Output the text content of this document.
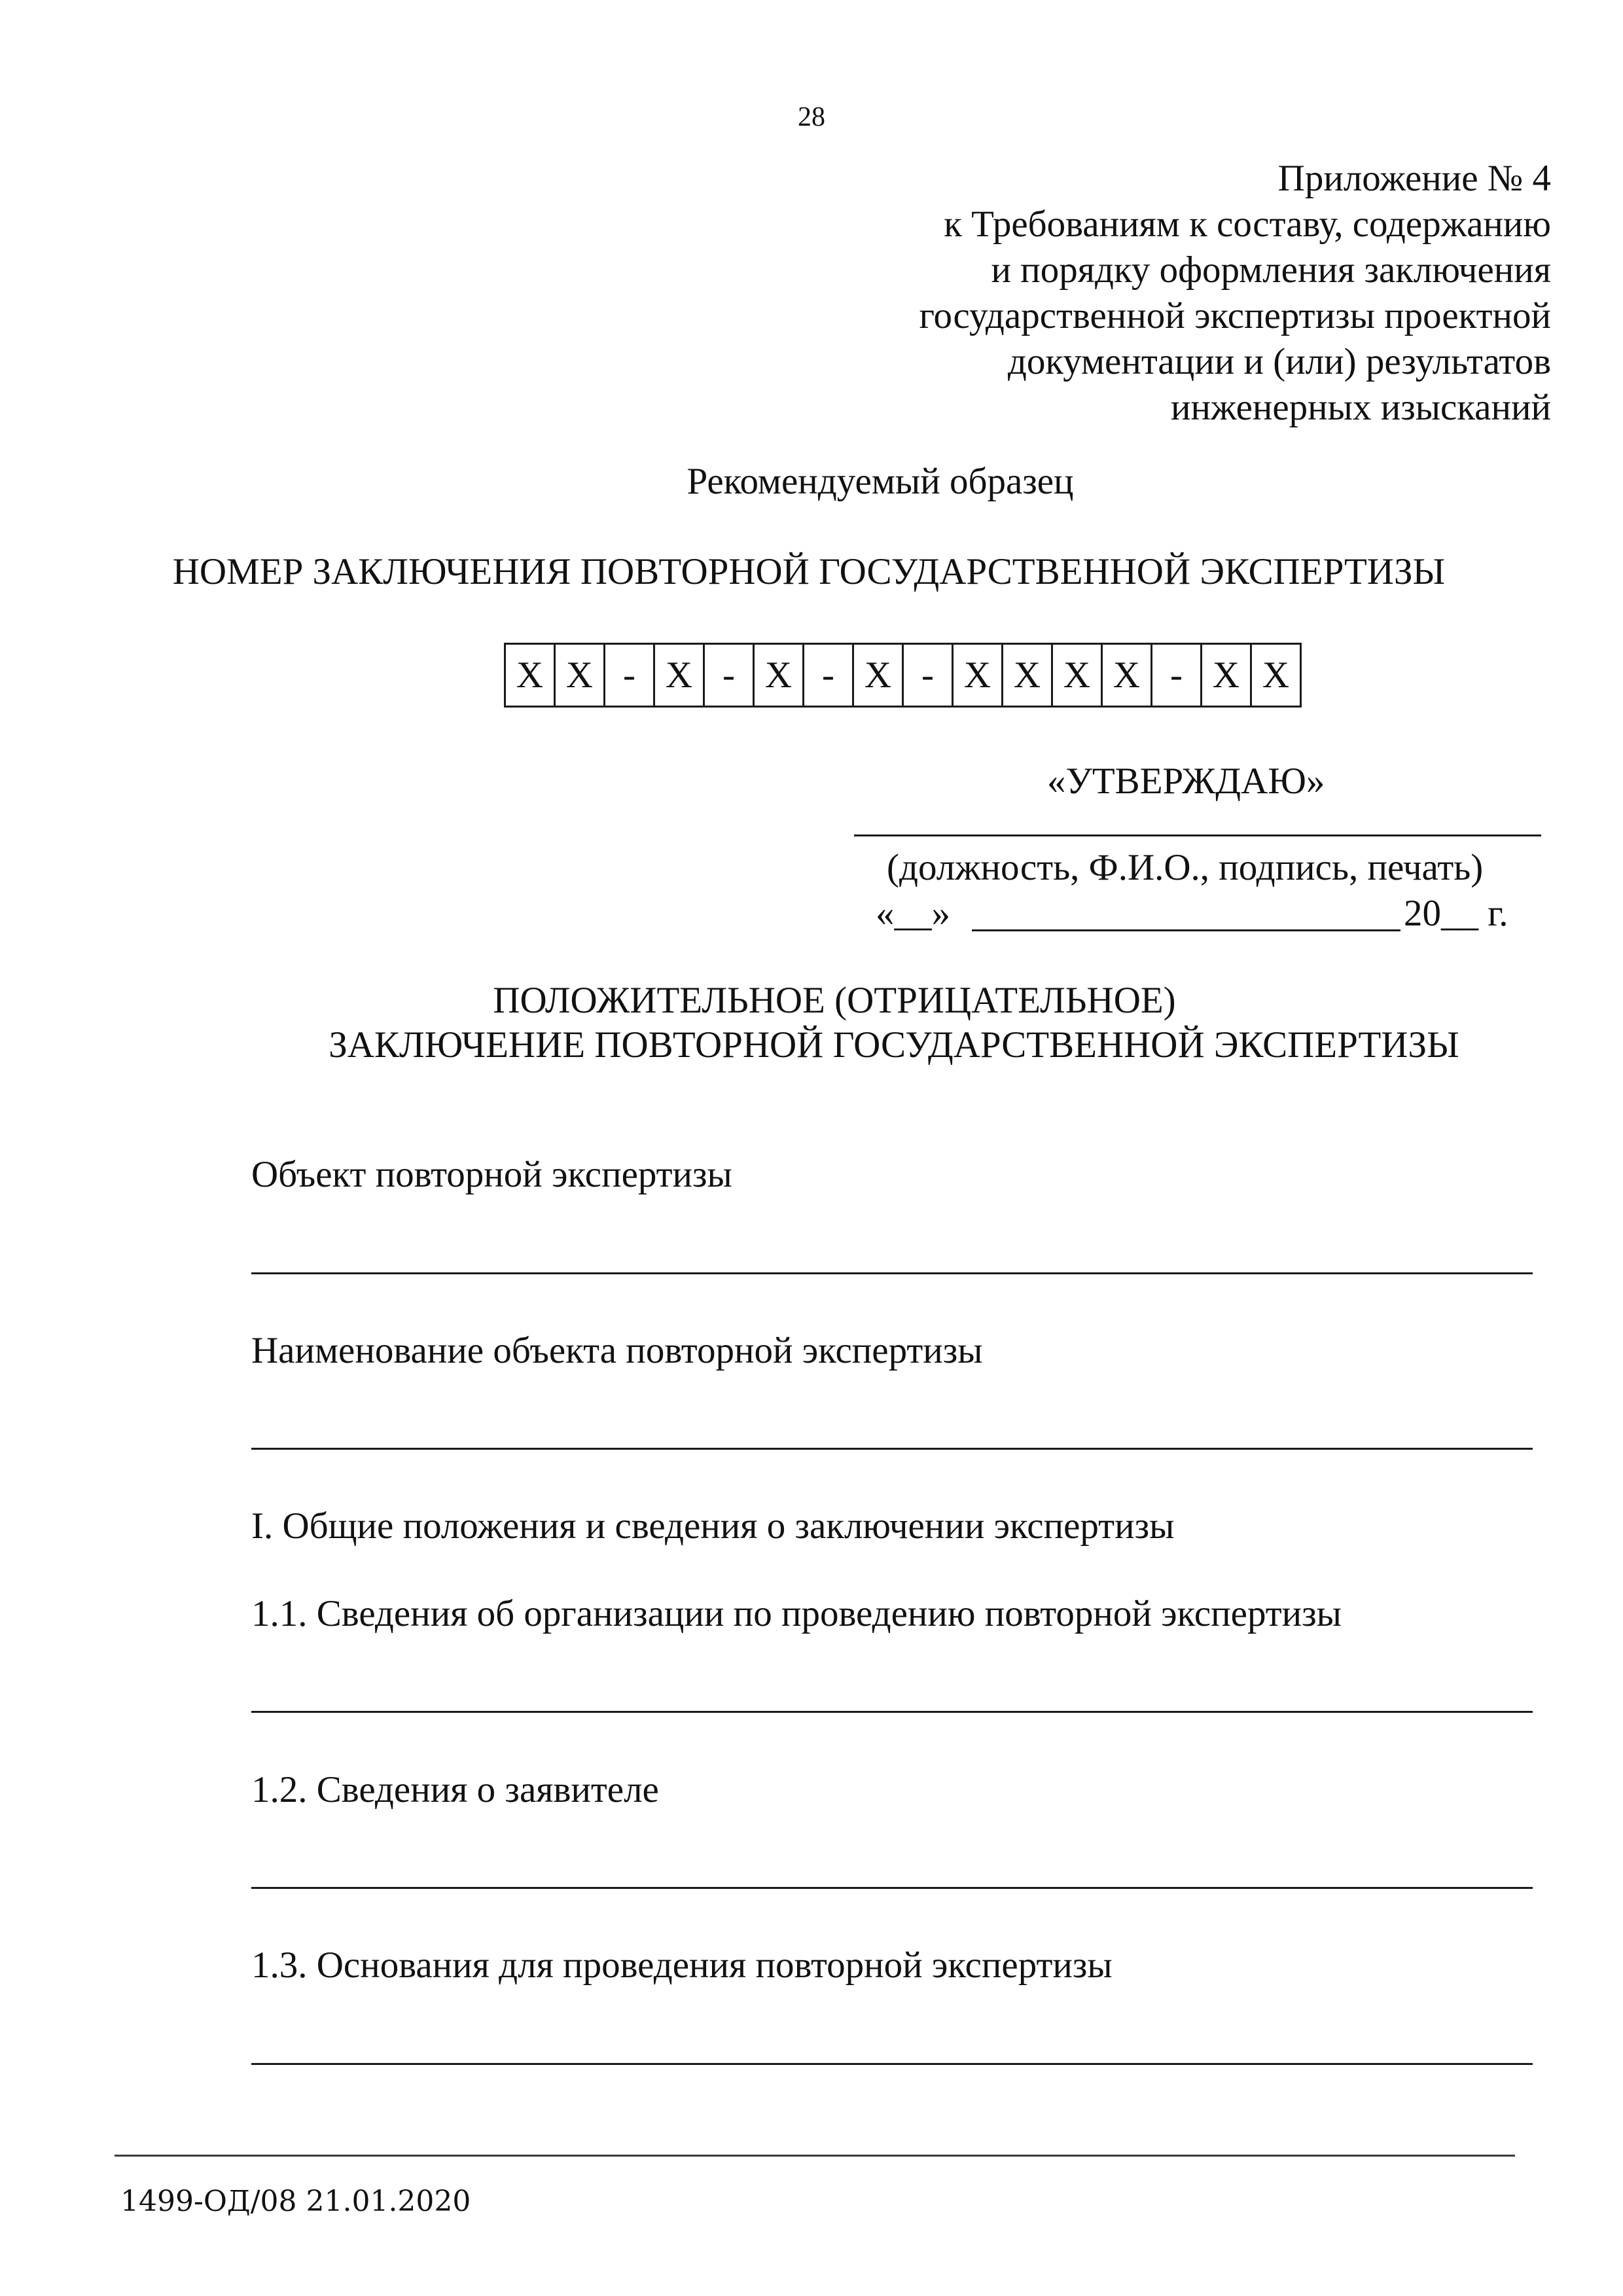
28
Приложение № 4
к Требованиям к составу, содержанию
и порядку оформления заключения
государственной экспертизы проектной
документации и (или) результатов
инженерных изысканий
Рекомендуемый образец
НОМЕР ЗАКЛЮЧЕНИЯ ПОВТОРНОЙ ГОСУДАРСТВЕННОЙ ЭКСПЕРТИЗЫ
X	X	-	X	-	X	-	X	-	X	X	X	X	-	X	X
«УТВЕРЖДАЮ»
(должность, Ф.И.О., подпись, печать)
«__»	20__ г.
ПОЛОЖИТЕЛЬНОЕ (ОТРИЦАТЕЛЬНОЕ)
ЗАКЛЮЧЕНИЕ ПОВТОРНОЙ ГОСУДАРСТВЕННОЙ ЭКСПЕРТИЗЫ
Объект повторной экспертизы
Наименование объекта повторной экспертизы
I. Общие положения и сведения о заключении экспертизы
1.1. Сведения об организации по проведению повторной экспертизы
1.2. Сведения о заявителе
1.3. Основания для проведения повторной экспертизы
1499-ОД/08 21.01.2020
